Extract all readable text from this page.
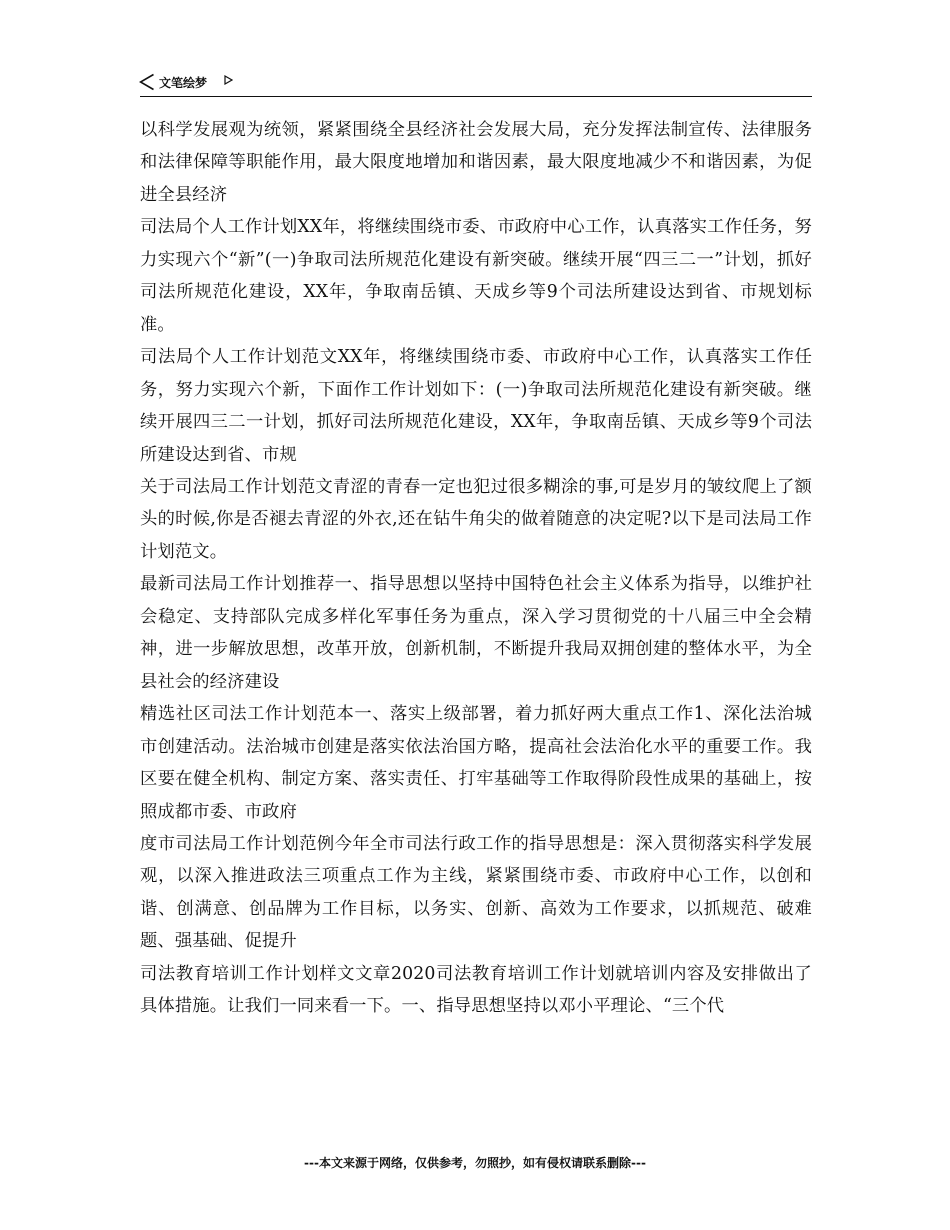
文笔绘梦

以科学发展观为统领，紧紧围绕全县经济社会发展大局，充分发挥法制宣传、法律服务和法律保障等职能作用，最大限度地增加和谐因素，最大限度地减少不和谐因素，为促进全县经济

司法局个人工作计划XX年，将继续围绕市委、市政府中心工作，认真落实工作任务，努力实现六个“新”(一)争取司法所规范化建设有新突破。继续开展“四三二一”计划，抓好司法所规范化建设，XX年，争取南岳镇、天成乡等9个司法所建设达到省、市规划标准。

司法局个人工作计划范文XX年，将继续围绕市委、市政府中心工作，认真落实工作任务，努力实现六个新，下面作工作计划如下：(一)争取司法所规范化建设有新突破。继续开展四三二一计划，抓好司法所规范化建设，XX年，争取南岳镇、天成乡等9个司法所建设达到省、市规

关于司法局工作计划范文青涩的青春一定也犯过很多糊涂的事,可是岁月的皱纹爬上了额头的时候,你是否褪去青涩的外衣,还在钻牛角尖的做着随意的决定呢?以下是司法局工作计划范文。

最新司法局工作计划推荐一、指导思想以坚持中国特色社会主义体系为指导，以维护社会稳定、支持部队完成多样化军事任务为重点，深入学习贯彻党的十八届三中全会精神，进一步解放思想，改革开放，创新机制，不断提升我局双拥创建的整体水平，为全县社会的经济建设

精选社区司法工作计划范本一、落实上级部署，着力抓好两大重点工作1、深化法治城市创建活动。法治城市创建是落实依法治国方略，提高社会法治化水平的重要工作。我区要在健全机构、制定方案、落实责任、打牢基础等工作取得阶段性成果的基础上，按照成都市委、市政府

度市司法局工作计划范例今年全市司法行政工作的指导思想是：深入贯彻落实科学发展观，以深入推进政法三项重点工作为主线，紧紧围绕市委、市政府中心工作，以创和谐、创满意、创品牌为工作目标，以务实、创新、高效为工作要求，以抓规范、破难题、强基础、促提升

司法教育培训工作计划样文文章2020司法教育培训工作计划就培训内容及安排做出了具体措施。让我们一同来看一下。一、指导思想坚持以邓小平理论、“三个代

---本文来源于网络，仅供参考，勿照抄，如有侵权请联系删除---
